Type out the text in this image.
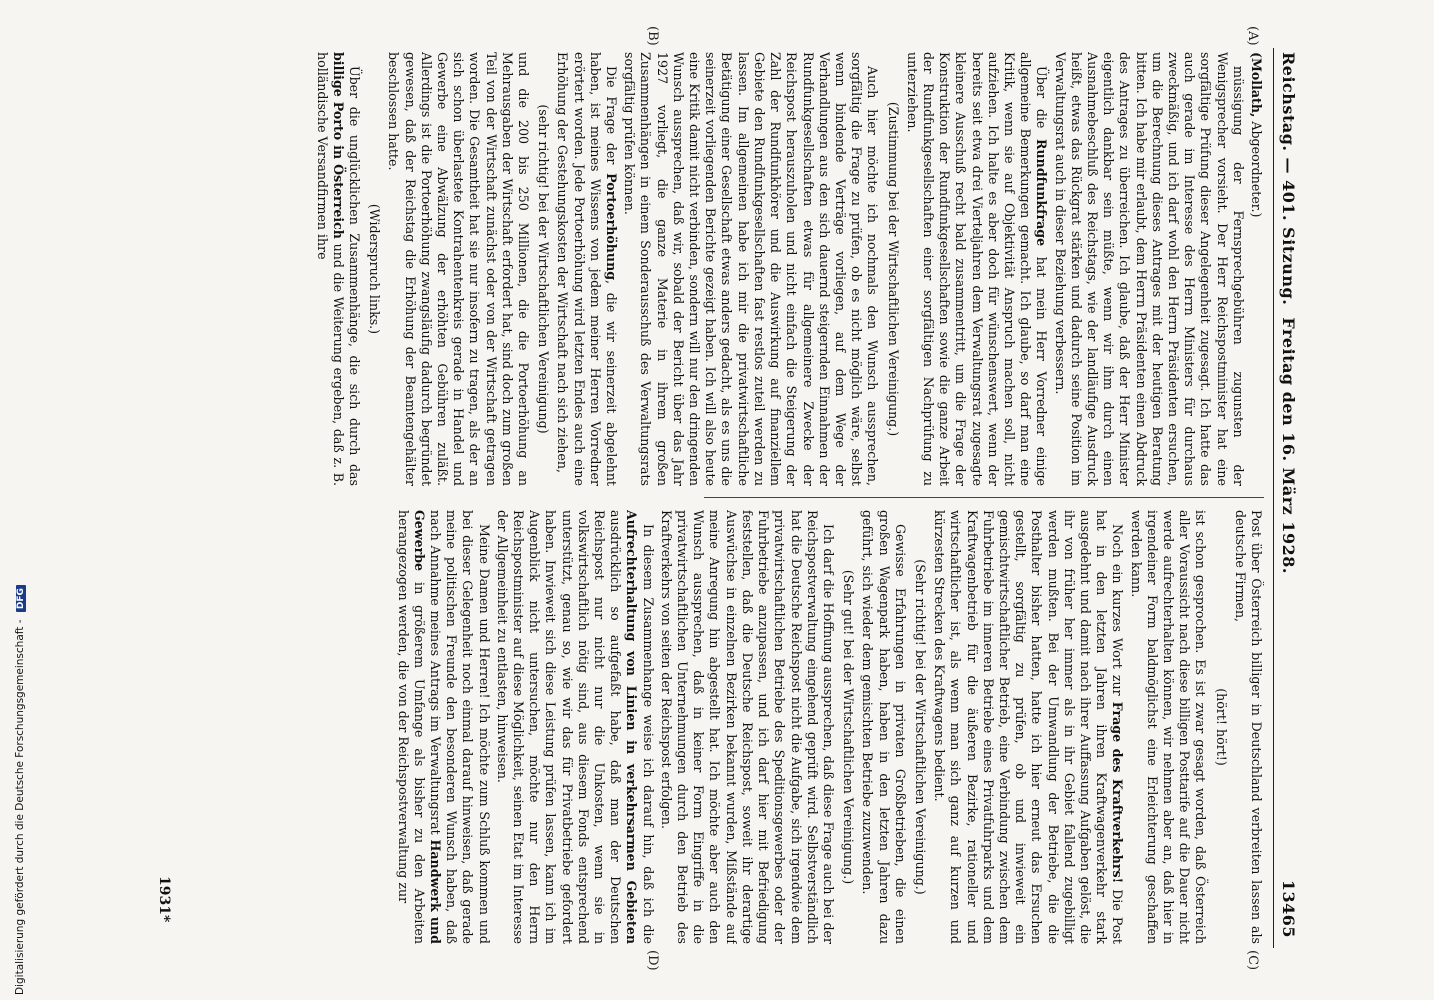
Digitalisierung gefördert durch die Deutsche Forschungsgemeinschaft - DFG
Reichstag. — 401. Sitzung.  Freitag den 16. März 1928.
13465
(A)
(B)
(C)
(D)

(Mollath, Abgeordneter.)

müssigung der Fernsprechgebühren zugunsten der Wenigsprecher vorsieht. Der Herr Reichspostminister hat eine sorgfältige Prüfung dieser Angelegenheit zugesagt. Ich hatte das auch gerade im Interesse des Herrn Ministers für durchaus zweckmäßig, und ich darf wohl den Herrn Präsidenten ersuchen, um die Berechnung dieses Antrages mit der heutigen Beratung bitten. Ich habe mir erlaubt, dem Herrn Präsidenten einen Abdruck des Antrages zu überreichen. Ich glaube, daß der Herr Minister eigentlich dankbar sein müßte, wenn wir ihm durch einen Ausnahmebeschluß des Reichstags, wie der landläufige Ausdruck heißt, etwas das Rückgrat stärken und dadurch seine Position im Verwaltungsrat auch in dieser Beziehung verbessern.

Über die Rundfunkfrage hat mein Herr Vorredner einige allgemeine Bemerkungen gemacht. Ich glaube, so darf man eine Kritik, wenn sie auf Objektivität Anspruch machen soll, nicht aufziehen. Ich halte es aber doch für wünschenswert, wenn der bereits seit etwa drei Vierteljahren dem Verwaltungsrat zugesagte kleinere Ausschuß recht bald zusammentritt, um die Frage der Konstruktion der Rundfunkgesellschaften sowie die ganze Arbeit der Rundfunkgesellschaften einer sorgfältigen Nachprüfung zu unterziehen.

(Zustimmung bei der Wirtschaftlichen Vereinigung.)

Auch hier möchte ich nochmals den Wunsch aussprechen, sorgfältig die Frage zu prüfen, ob es nicht möglich wäre, selbst wenn bindende Verträge vorliegen, auf dem Wege der Verhandlungen aus den sich dauernd steigernden Einnahmen der Rundfunkgesellschaften etwas für allgemeinere Zwecke der Reichspost herauszuholen und nicht einfach die Steigerung der Zahl der Rundfunkhörer und die Auswirkung auf finanziellem Gebiete den Rundfunkgesellschaften fast restlos zuteil werden zu lassen. Im allgemeinen habe ich mir die privatwirtschaftliche Betätigung einer Gesellschaft etwas anders gedacht, als es uns die seinerzeit vorliegenden Berichte gezeigt haben. Ich will also heute eine Kritik damit nicht verbinden, sondern will nur den dringenden Wunsch aussprechen, daß wir, sobald der Bericht über das Jahr 1927 vorliegt, die ganze Materie in ihrem großen Zusammenhängen in einem Sonderausschuß des Verwaltungsrats sorgfältig prüfen können.

Die Frage der Portoerhöhung, die wir seinerzeit abgelehnt haben, ist meines Wissens von jedem meiner Herren Vorredner erörtert worden. Jede Portoerhöhung wird letzten Endes auch eine Erhöhung der Gestehungskosten der Wirtschaft nach sich ziehen,

(sehr richtig! bei der Wirtschaftlichen Vereinigung)

und die 200 bis 250 Millionen, die die Portoerhöhung an Mehrausgaben der Wirtschaft erfordert hat, sind doch zum großen Teil von der Wirtschaft zunächst oder von der Wirtschaft getragen worden. Die Gesamtheit hat sie nur insofern zu tragen, als der an sich schon überlastete Kontrahentenkreis gerade in Handel und Gewerbe eine Abwälzung der erhöhten Gebühren zuläßt. Allerdings ist die Portoerhöhung zwangsläufig dadurch begründet gewesen, daß der Reichstag die Erhöhung der Beamtengehälter beschlossen hatte.

(Widerspruch links.)

Über die unglücklichen Zusammenhänge, die sich durch das billige Porto in Österreich und die Weiterung ergeben, daß z. B. holländische Versandfirmen ihre

Post über Österreich billiger in Deutschland verbreiten lassen als deutsche Firmen,

(hört! hört!)

ist schon gesprochen. Es ist zwar gesagt worden, daß Österreich aller Voraussicht nach diese billigen Posttarife auf die Dauer nicht werde aufrechterhalten können, wir nehmen aber an, daß hier in irgendeiner Form baldmöglichst eine Erleichterung geschaffen werden kann.

Noch ein kurzes Wort zur Frage des Kraftverkehrs! Die Post hat in den letzten Jahren ihren Kraftwagenverkehr stark ausgedehnt und damit nach ihrer Auffassung Aufgaben gelöst, die ihr von früher her immer als in ihr Gebiet fallend zugebilligt werden mußten. Bei der Umwandlung der Betriebe, die die Posthalter bisher hatten, hatte ich hier erneut das Ersuchen gestellt, sorgfältig zu prüfen, ob und inwieweit ein gemischtwirtschaftlicher Betrieb, eine Verbindung zwischen dem Fuhrbetriebe im inneren Betriebe eines Privatfuhrparks und dem Kraftwagenbetrieb für die äußeren Bezirke, rationeller und wirtschaftlicher ist, als wenn man sich ganz auf kurzen und kürzesten Strecken des Kraftwagens bedient.

(Sehr richtig! bei der Wirtschaftlichen Vereinigung.)

Gewisse Erfahrungen in privaten Großbetrieben, die einen großen Wagenpark haben, haben in den letzten Jahren dazu geführt, sich wieder dem gemischten Betriebe zuzuwenden.

(Sehr gut! bei der Wirtschaftlichen Vereinigung.)

Ich darf die Hoffnung aussprechen, daß diese Frage auch bei der Reichspostverwaltung eingehend geprüft wird. Selbstverständlich hat die Deutsche Reichspost nicht die Aufgabe, sich irgendwie dem privatwirtschaftlichen Betriebe des Speditionsgewerbes oder der Fuhrbetriebe anzupassen, und ich darf hier mit Befriedigung feststellen, daß die Deutsche Reichspost, soweit ihr derartige Auswüchse in einzelnen Bezirken bekannt wurden, Mißstände auf meine Anregung hin abgestellt hat. Ich möchte aber auch den Wunsch aussprechen, daß in keiner Form Eingriffe in die privatwirtschaftlichen Unternehmungen durch den Betrieb des Kraftverkehrs von seiten der Reichspost erfolgen.

In diesem Zusammenhange weise ich darauf hin, daß ich die Aufrechterhaltung von Linien in verkehrsarmen Gebieten ausdrücklich so aufgefaßt habe, daß man der Deutschen Reichspost nur nicht nur die Unkosten, wenn sie in volkswirtschaftlich nötig sind, aus diesem Fonds entsprechend unterstützt, genau so, wie wir das für Privatbetriebe gefordert haben. Inwieweit sich diese Leistung prüfen lassen, kann ich im Augenblick nicht untersuchen, möchte nur den Herrn Reichspostminister auf diese Möglichkeit, seinen Etat im Interesse der Allgemeinheit zu entlasten, hinweisen.

Meine Damen und Herren! Ich möchte zum Schluß kommen und bei dieser Gelegenheit noch einmal darauf hinweisen, daß gerade meine politischen Freunde den besonderen Wunsch haben, daß nach Annahme meines Antrags im Verwaltungsrat Handwerk und Gewerbe in größerem Umfange als bisher zu den Arbeiten herangezogen werden, die von der Reichspostverwaltung zur

1931*
